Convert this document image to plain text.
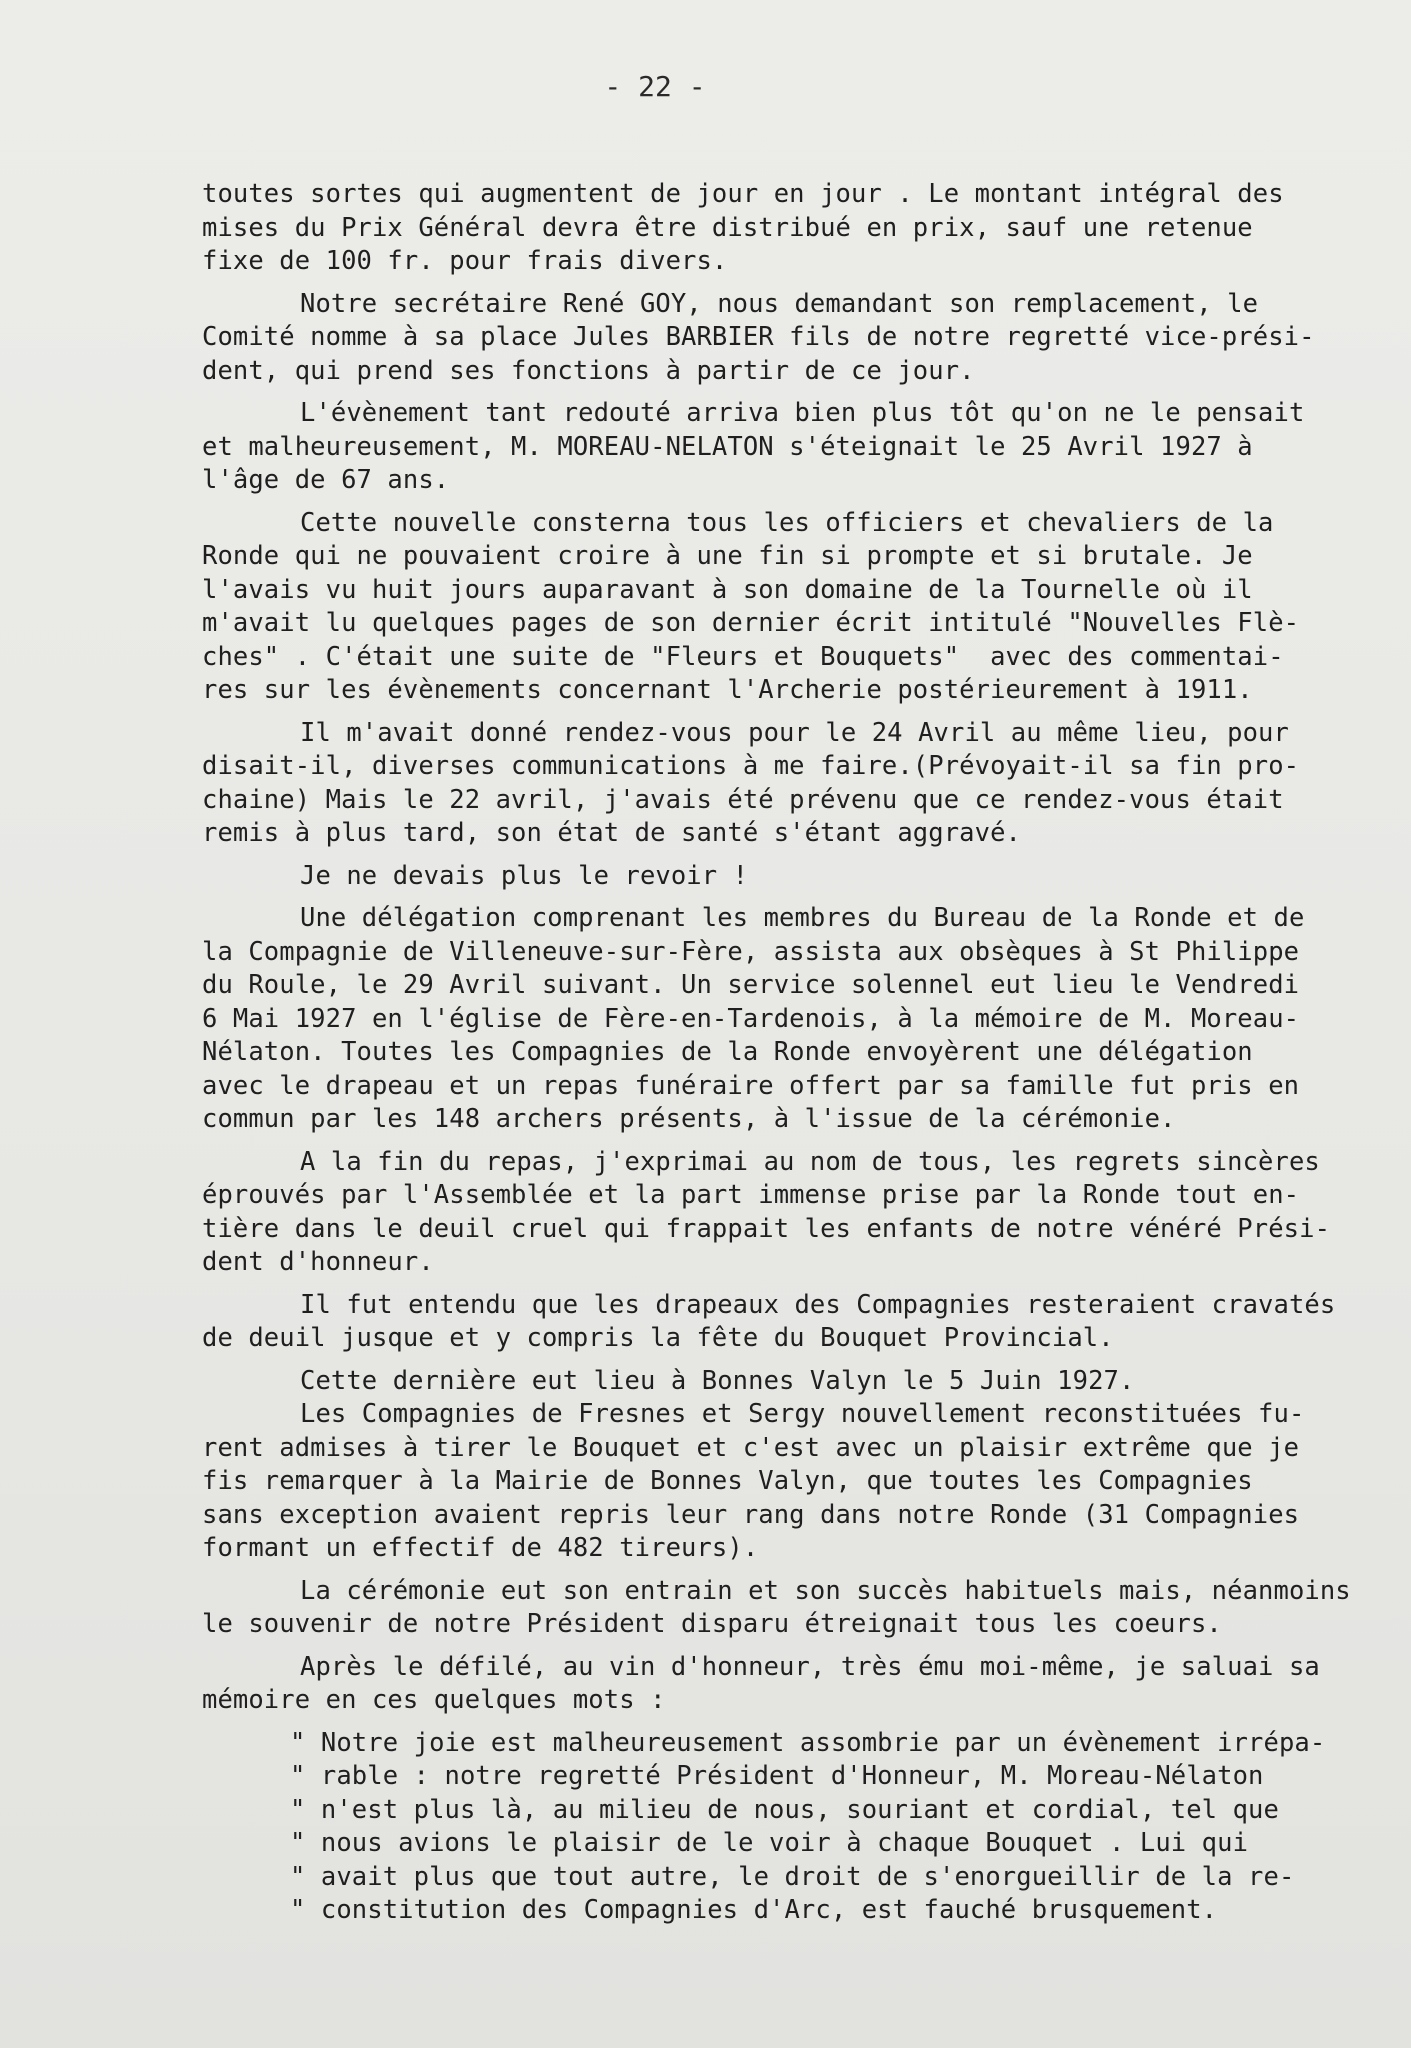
- 22 -
toutes sortes qui augmentent de jour en jour . Le montant intégral des
mises du Prix Général devra être distribué en prix, sauf une retenue
fixe de 100 fr. pour frais divers.
Notre secrétaire René GOY, nous demandant son remplacement, le
Comité nomme à sa place Jules BARBIER fils de notre regretté vice-prési-
dent, qui prend ses fonctions à partir de ce jour.
L'évènement tant redouté arriva bien plus tôt qu'on ne le pensait
et malheureusement, M. MOREAU-NELATON s'éteignait le 25 Avril 1927 à
l'âge de 67 ans.
Cette nouvelle consterna tous les officiers et chevaliers de la
Ronde qui ne pouvaient croire à une fin si prompte et si brutale. Je
l'avais vu huit jours auparavant à son domaine de la Tournelle où il
m'avait lu quelques pages de son dernier écrit intitulé "Nouvelles Flè-
ches" . C'était une suite de "Fleurs et Bouquets"  avec des commentai-
res sur les évènements concernant l'Archerie postérieurement à 1911.
Il m'avait donné rendez-vous pour le 24 Avril au même lieu, pour
disait-il, diverses communications à me faire.(Prévoyait-il sa fin pro-
chaine) Mais le 22 avril, j'avais été prévenu que ce rendez-vous était
remis à plus tard, son état de santé s'étant aggravé.
Je ne devais plus le revoir !
Une délégation comprenant les membres du Bureau de la Ronde et de
la Compagnie de Villeneuve-sur-Fère, assista aux obsèques à St Philippe
du Roule, le 29 Avril suivant. Un service solennel eut lieu le Vendredi
6 Mai 1927 en l'église de Fère-en-Tardenois, à la mémoire de M. Moreau-
Nélaton. Toutes les Compagnies de la Ronde envoyèrent une délégation
avec le drapeau et un repas funéraire offert par sa famille fut pris en
commun par les 148 archers présents, à l'issue de la cérémonie.
A la fin du repas, j'exprimai au nom de tous, les regrets sincères
éprouvés par l'Assemblée et la part immense prise par la Ronde tout en-
tière dans le deuil cruel qui frappait les enfants de notre vénéré Prési-
dent d'honneur.
Il fut entendu que les drapeaux des Compagnies resteraient cravatés
de deuil jusque et y compris la fête du Bouquet Provincial.
Cette dernière eut lieu à Bonnes Valyn le 5 Juin 1927.
Les Compagnies de Fresnes et Sergy nouvellement reconstituées fu-
rent admises à tirer le Bouquet et c'est avec un plaisir extrême que je
fis remarquer à la Mairie de Bonnes Valyn, que toutes les Compagnies
sans exception avaient repris leur rang dans notre Ronde (31 Compagnies
formant un effectif de 482 tireurs).
La cérémonie eut son entrain et son succès habituels mais, néanmoins
le souvenir de notre Président disparu étreignait tous les coeurs.
Après le défilé, au vin d'honneur, très ému moi-même, je saluai sa
mémoire en ces quelques mots :
" Notre joie est malheureusement assombrie par un évènement irrépa-
" rable : notre regretté Président d'Honneur, M. Moreau-Nélaton
" n'est plus là, au milieu de nous, souriant et cordial, tel que
" nous avions le plaisir de le voir à chaque Bouquet . Lui qui
" avait plus que tout autre, le droit de s'enorgueillir de la re-
" constitution des Compagnies d'Arc, est fauché brusquement.
